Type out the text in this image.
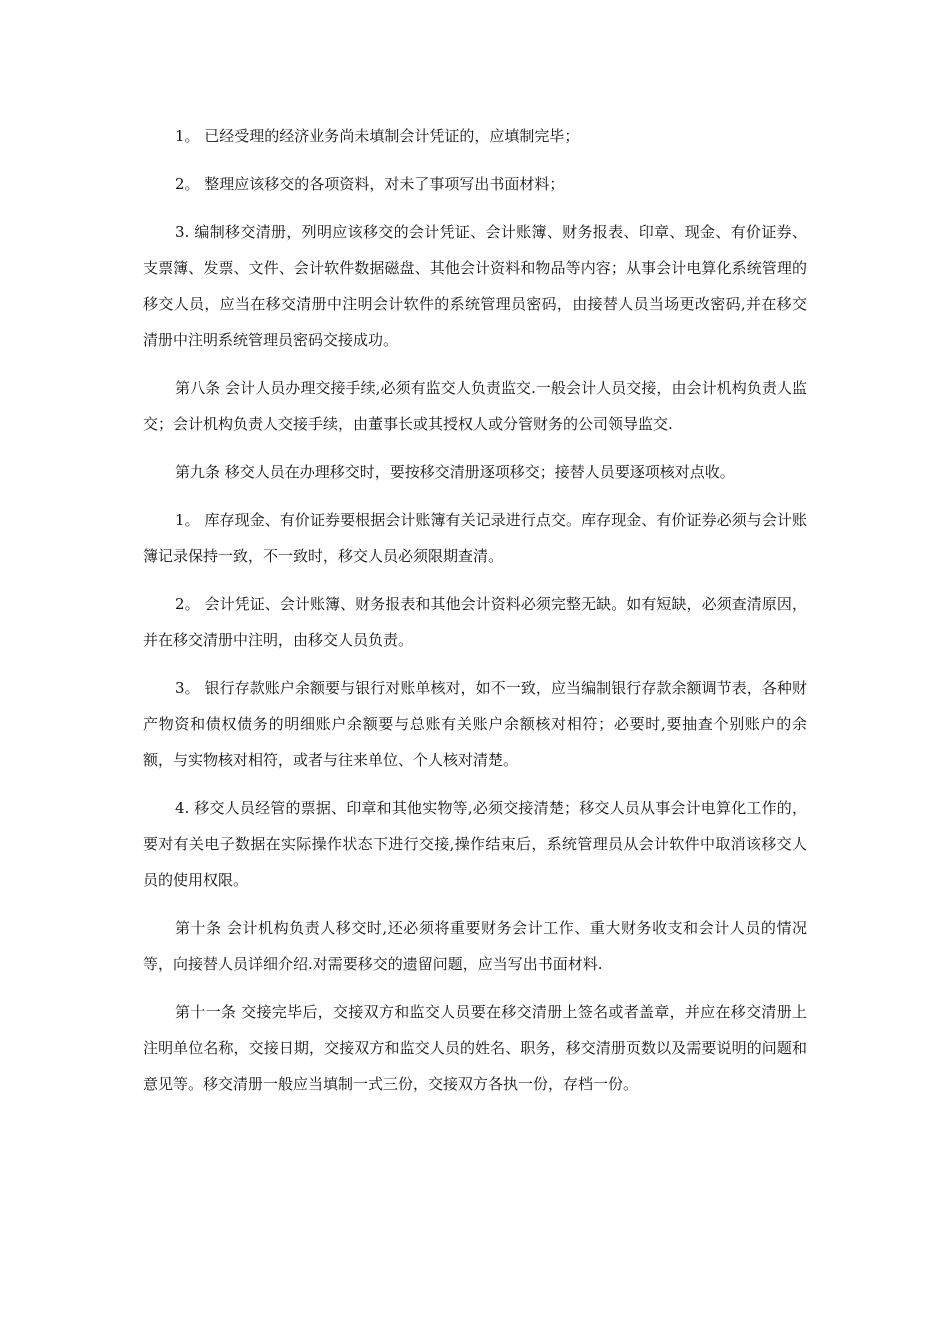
1。 已经受理的经济业务尚未填制会计凭证的，应填制完毕；

2。 整理应该移交的各项资料，对未了事项写出书面材料；

3. 编制移交清册，列明应该移交的会计凭证、会计账簿、财务报表、印章、现金、有价证券、支票簿、发票、文件、会计软件数据磁盘、其他会计资料和物品等内容；从事会计电算化系统管理的移交人员，应当在移交清册中注明会计软件的系统管理员密码，由接替人员当场更改密码,并在移交清册中注明系统管理员密码交接成功。

第八条 会计人员办理交接手续,必须有监交人负责监交.一般会计人员交接，由会计机构负责人监交；会计机构负责人交接手续，由董事长或其授权人或分管财务的公司领导监交.

第九条 移交人员在办理移交时，要按移交清册逐项移交；接替人员要逐项核对点收。

1。 库存现金、有价证券要根据会计账簿有关记录进行点交。库存现金、有价证券必须与会计账簿记录保持一致，不一致时，移交人员必须限期查清。

2。 会计凭证、会计账簿、财务报表和其他会计资料必须完整无缺。如有短缺，必须查清原因，并在移交清册中注明，由移交人员负责。

3。 银行存款账户余额要与银行对账单核对，如不一致，应当编制银行存款余额调节表，各种财产物资和债权债务的明细账户余额要与总账有关账户余额核对相符；必要时,要抽查个别账户的余额，与实物核对相符，或者与往来单位、个人核对清楚。

4. 移交人员经管的票据、印章和其他实物等,必须交接清楚；移交人员从事会计电算化工作的，要对有关电子数据在实际操作状态下进行交接,操作结束后，系统管理员从会计软件中取消该移交人员的使用权限。

第十条 会计机构负责人移交时,还必须将重要财务会计工作、重大财务收支和会计人员的情况等，向接替人员详细介绍.对需要移交的遗留问题，应当写出书面材料.

第十一条 交接完毕后，交接双方和监交人员要在移交清册上签名或者盖章，并应在移交清册上注明单位名称，交接日期，交接双方和监交人员的姓名、职务，移交清册页数以及需要说明的问题和意见等。移交清册一般应当填制一式三份，交接双方各执一份，存档一份。
